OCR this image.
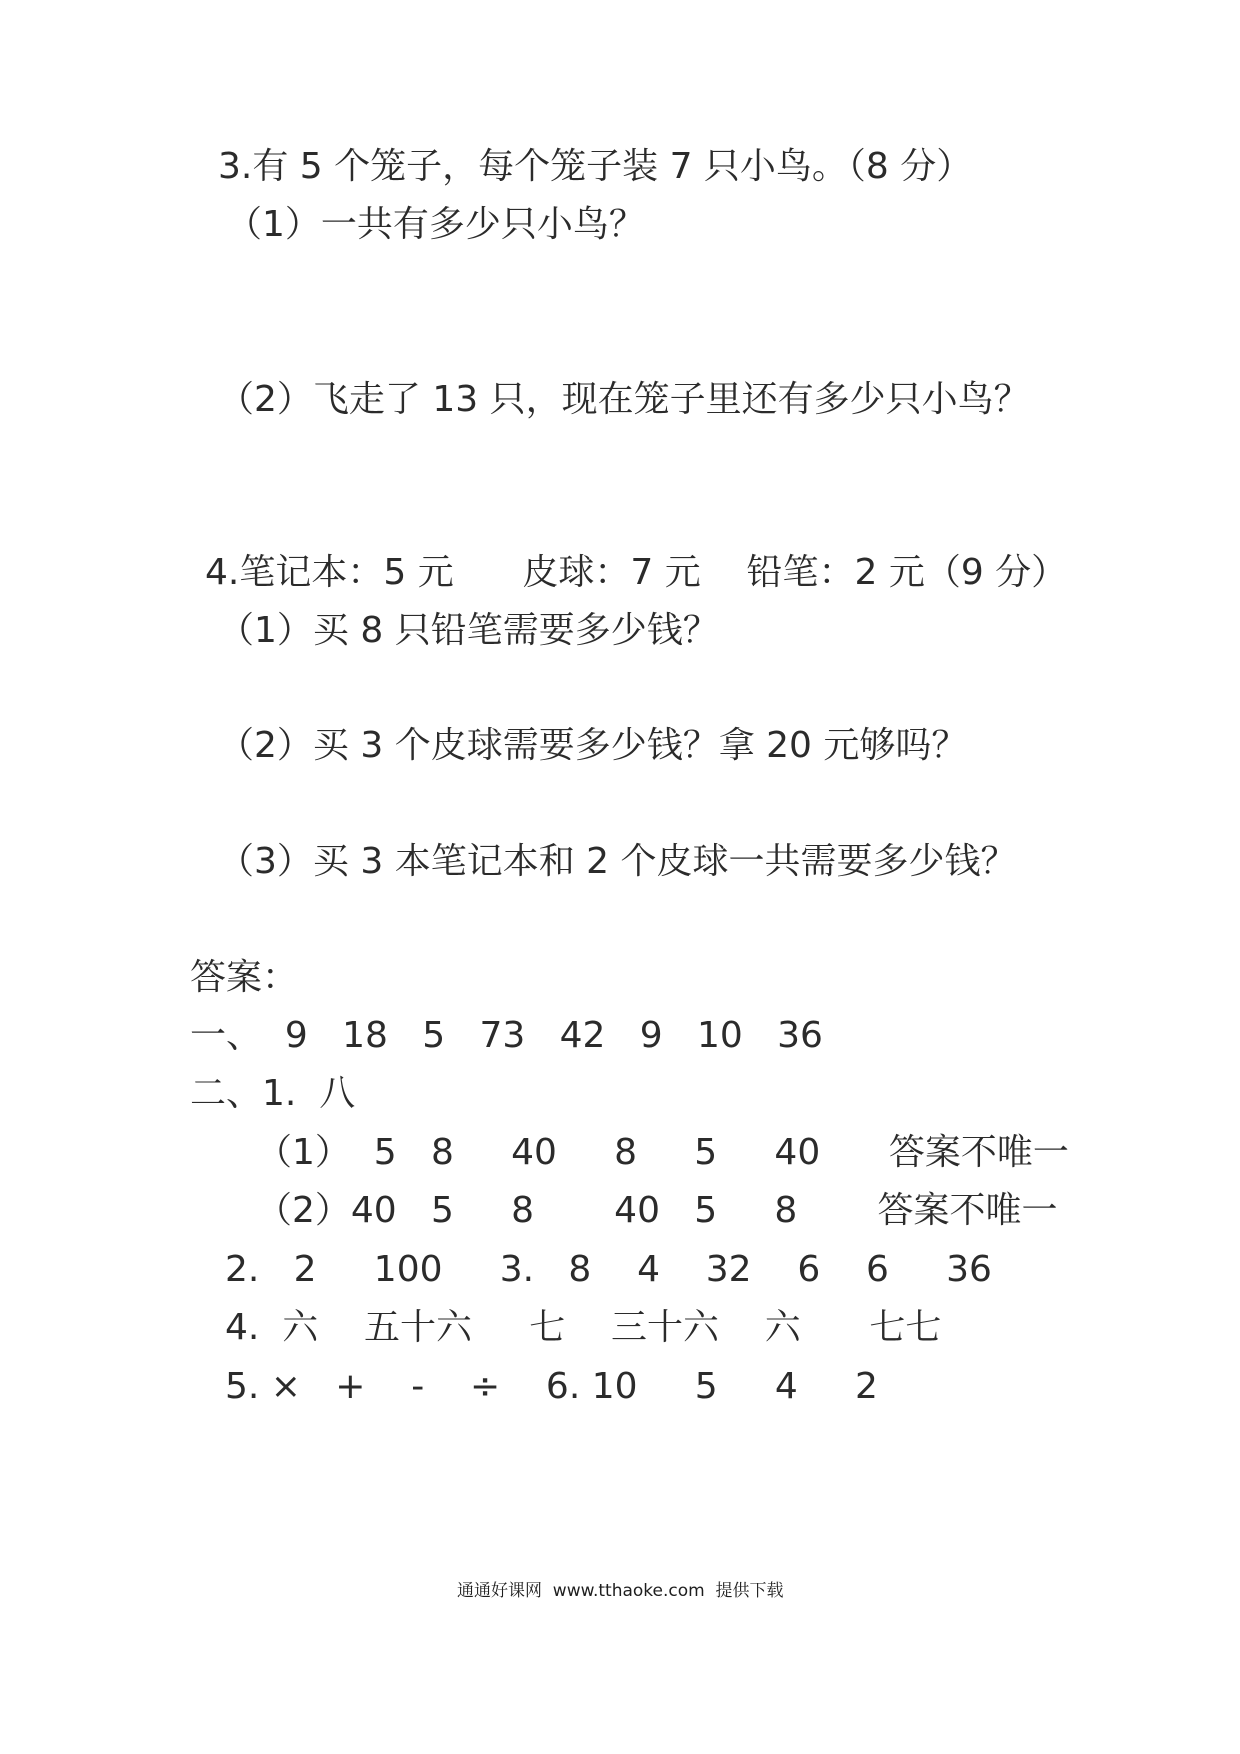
3.有 5 个笼子，每个笼子装 7 只小鸟。（8 分）
（1）一共有多少只小鸟？
（2）飞走了 13 只，现在笼子里还有多少只小鸟？
4.笔记本：5 元      皮球：7 元    铅笔：2 元（9 分）
（1）买 8 只铅笔需要多少钱？
（2）买 3 个皮球需要多少钱？拿 20 元够吗？
（3）买 3 本笔记本和 2 个皮球一共需要多少钱？
答案：
一、  9   18   5   73   42   9   10   36
二、1.  八
（1）  5   8     40     8     5     40      答案不唯一
（2）40   5     8       40   5     8       答案不唯一
2.   2     100     3.   8    4    32    6    6     36
4.  六    五十六     七    三十六    六      七七
5. ×   +    -    ÷    6. 10     5     4     2
通通好课网  www.tthaoke.com  提供下载
